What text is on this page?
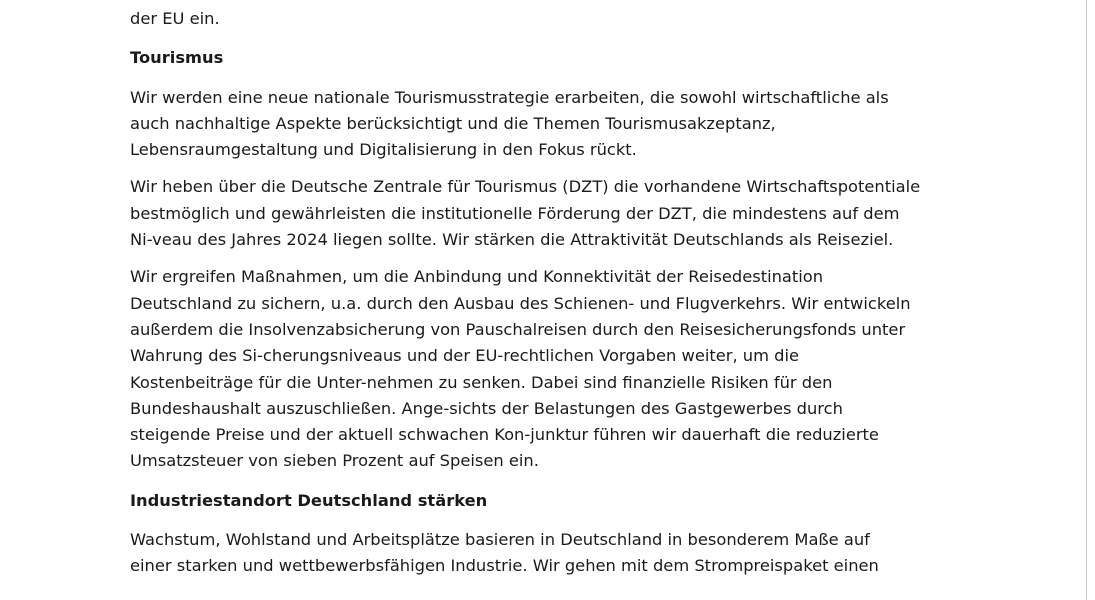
der EU ein.

Tourismus

Wir werden eine neue nationale Tourismusstrategie erarbeiten, die sowohl wirtschaftliche als
auch nachhaltige Aspekte berücksichtigt und die Themen Tourismusakzeptanz,
Lebensraumgestaltung und Digitalisierung in den Fokus rückt.

Wir heben über die Deutsche Zentrale für Tourismus (DZT) die vorhandene Wirtschaftspotentiale
bestmöglich und gewährleisten die institutionelle Förderung der DZT, die mindestens auf dem
Ni-veau des Jahres 2024 liegen sollte. Wir stärken die Attraktivität Deutschlands als Reiseziel.

Wir ergreifen Maßnahmen, um die Anbindung und Konnektivität der Reisedestination
Deutschland zu sichern, u.a. durch den Ausbau des Schienen- und Flugverkehrs. Wir entwickeln
außerdem die Insolvenzabsicherung von Pauschalreisen durch den Reisesicherungsfonds unter
Wahrung des Si-cherungsniveaus und der EU-rechtlichen Vorgaben weiter, um die
Kostenbeiträge für die Unter-nehmen zu senken. Dabei sind finanzielle Risiken für den
Bundeshaushalt auszuschließen. Ange-sichts der Belastungen des Gastgewerbes durch
steigende Preise und der aktuell schwachen Kon-junktur führen wir dauerhaft die reduzierte
Umsatzsteuer von sieben Prozent auf Speisen ein.

Industriestandort Deutschland stärken

Wachstum, Wohlstand und Arbeitsplätze basieren in Deutschland in besonderem Maße auf
einer starken und wettbewerbsfähigen Industrie. Wir gehen mit dem Strompreispaket einen
